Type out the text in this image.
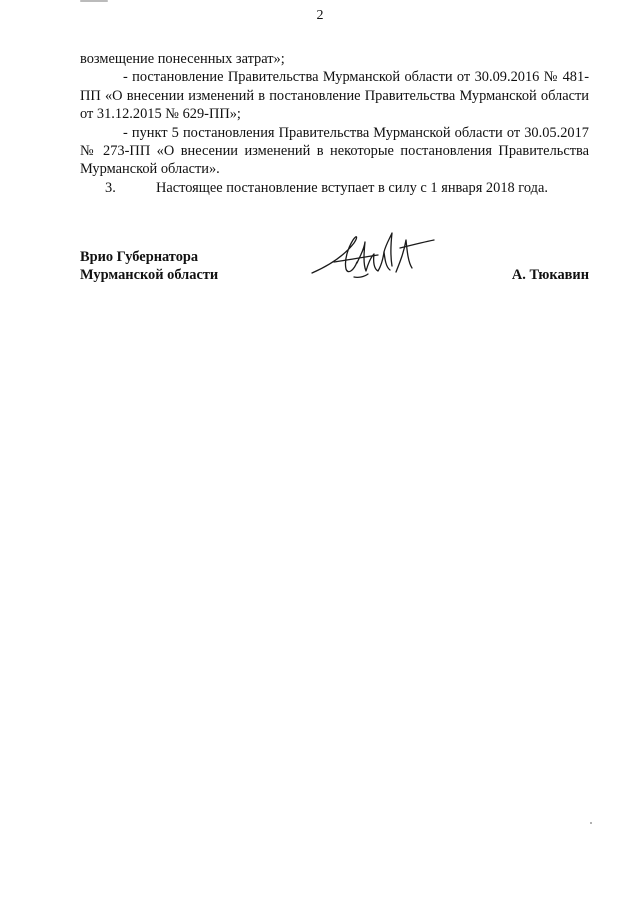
2

возмещение понесенных затрат»;

- постановление Правительства Мурманской области от 30.09.2016 № 481-ПП «О внесении изменений в постановление Правительства Мурманской области от 31.12.2015 № 629-ПП»;

- пункт 5 постановления Правительства Мурманской области от 30.05.2017 № 273-ПП «О внесении изменений в некоторые постановления Правительства Мурманской области».

3.	Настоящее постановление вступает в силу с 1 января 2018 года.
Врио Губернатора
Мурманской области	А. Тюкавин
